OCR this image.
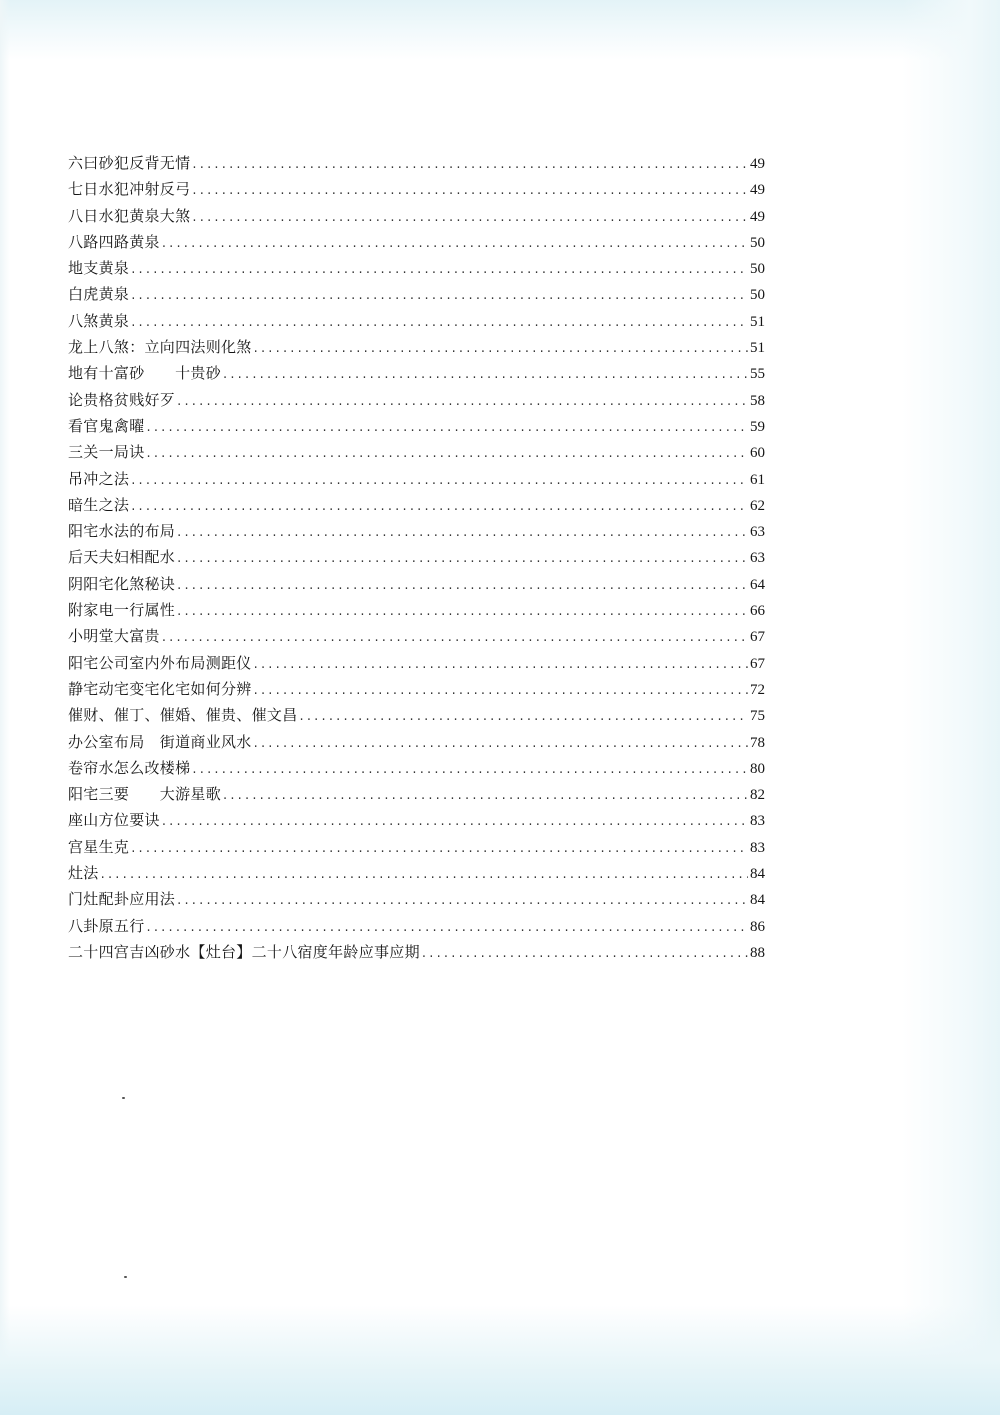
六曰砂犯反背无情 .....	49
七日水犯冲射反弓 .....	49
八日水犯黄泉大煞 .....	49
八路四路黄泉 .....	50
地支黄泉 .....	50
白虎黄泉 .....	50
八煞黄泉 .....	51
龙上八煞：立向四法则化煞 .....	51
地有十富砂　　十贵砂 .....	55
论贵格贫贱好歹 .....	58
看官鬼禽曜 .....	59
三关一局诀 .....	60
吊冲之法 .....	61
暗生之法 .....	62
阳宅水法的布局 .....	63
后天夫妇相配水 .....	63
阴阳宅化煞秘诀 .....	64
附家电一行属性 .....	66
小明堂大富贵 .....	67
阳宅公司室内外布局测距仪 .....	67
静宅动宅变宅化宅如何分辨 .....	72
催财、催丁、催婚、催贵、催文昌 .....	75
办公室布局　街道商业风水 .....	78
卷帘水怎么改楼梯 .....	80
阳宅三要　　大游星歌 .....	82
座山方位要诀 .....	83
宫星生克 .....	83
灶法 .....	84
门灶配卦应用法 .....	84
八卦原五行 .....	86
二十四宫吉凶砂水【灶台】二十八宿度年龄应事应期 .....	88
